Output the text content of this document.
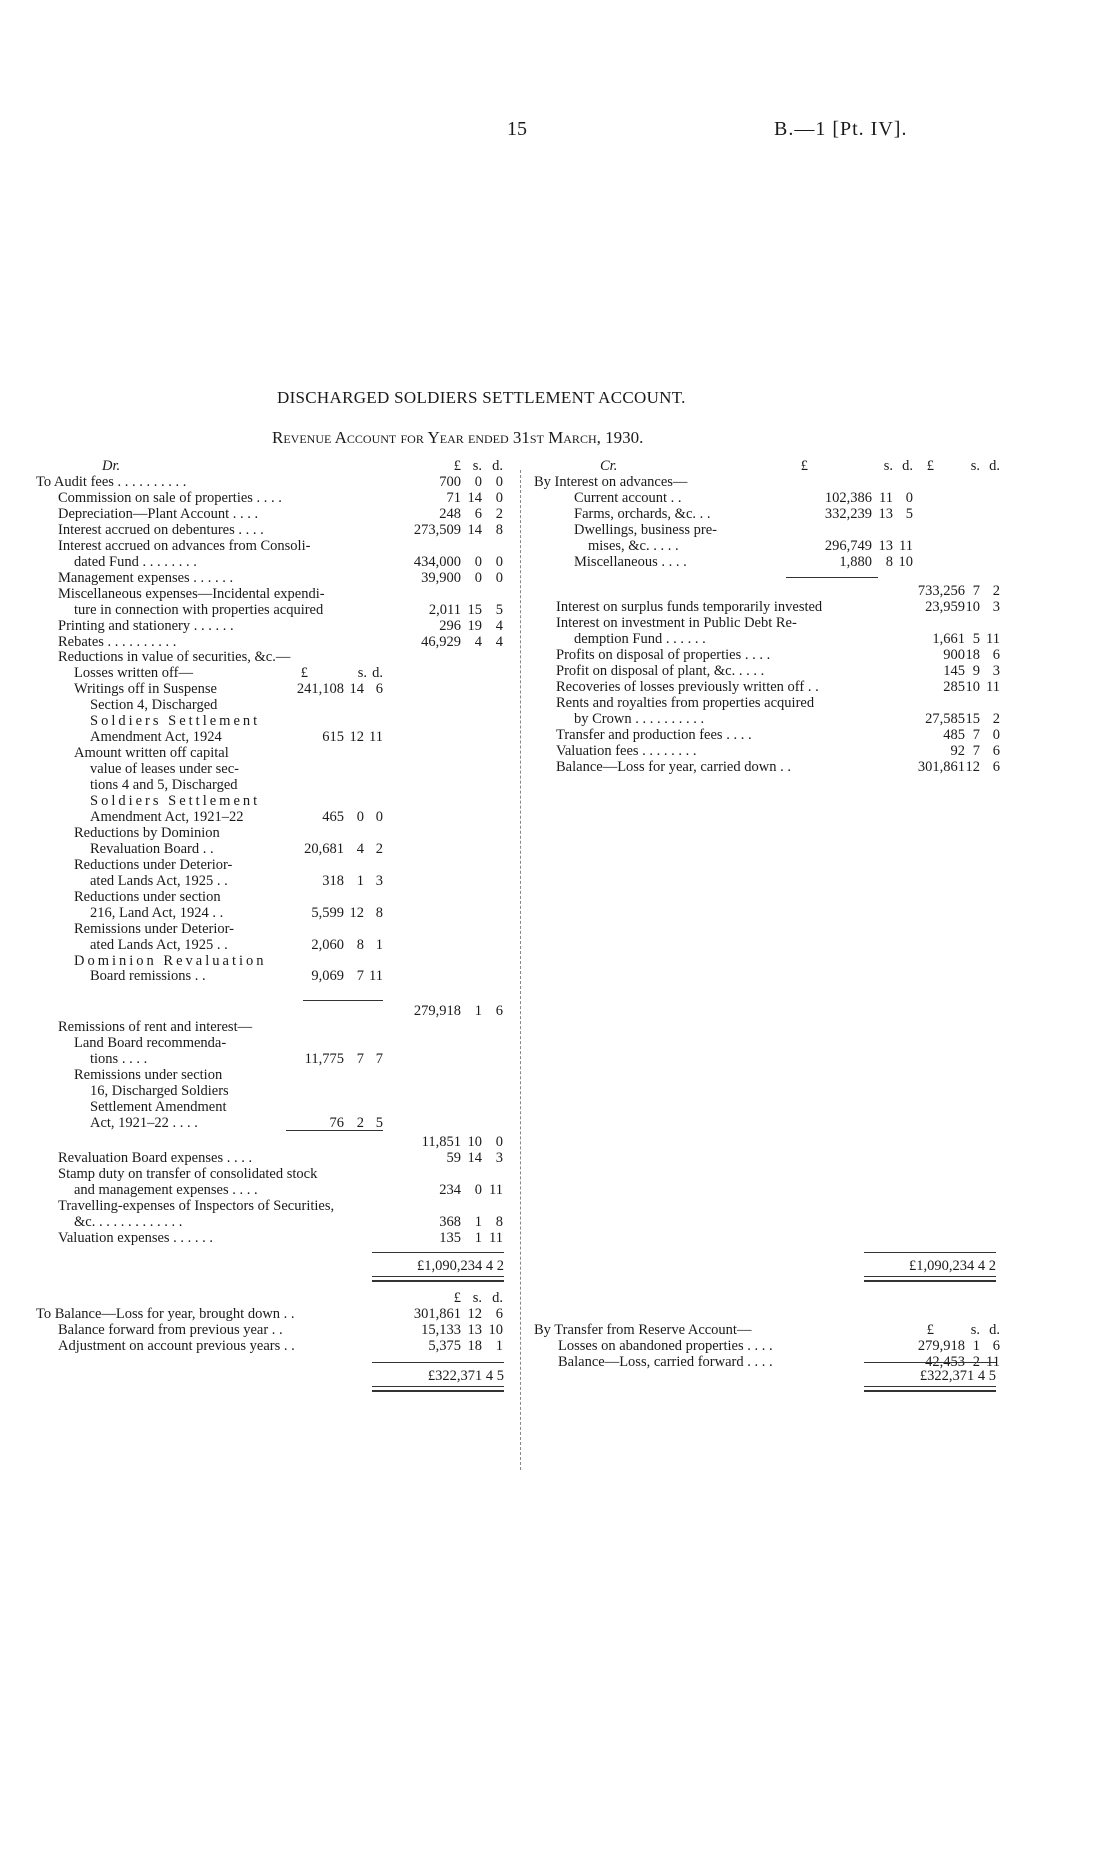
15	B.—1 [Pt. IV].
DISCHARGED SOLDIERS SETTLEMENT ACCOUNT.
Revenue Account for Year ended 31st March, 1930.
Dr.	£ s. d.
To Audit fees . . . . . . . . . .	700 0 0
Commission on sale of properties . . . .	71 14 0
Depreciation—Plant Account . . . .	248 6 2
Interest accrued on debentures . . . .	273,509 14 8
Interest accrued on advances from Consoli-
dated Fund . . . . . . . .	434,000 0 0
Management expenses . . . . . .	39,900 0 0
Miscellaneous expenses—Incidental expendi-
ture in connection with properties acquired	2,011 15 5
Printing and stationery . . . . . .	296 19 4
Rebates . . . . . . . . . .	46,929 4 4
Reductions in value of securities, &c.—
Losses written off—	£	s. d.
Writings off in Suspense	241,108 14 6
Section 4, Discharged
Soldiers Settlement
Amendment Act, 1924	615 12 11
Amount written off capital
value of leases under sec-
tions 4 and 5, Discharged
Soldiers Settlement
Amendment Act, 1921–22	465 0 0
Reductions by Dominion
Revaluation Board . .	20,681 4 2
Reductions under Deterior-
ated Lands Act, 1925 . .	318 1 3
Reductions under section
216, Land Act, 1924 . .	5,599 12 8
Remissions under Deterior-
ated Lands Act, 1925 . .	2,060 8 1
Dominion Revaluation
Board remissions . .	9,069 7 11
279,918 1 6
Remissions of rent and interest—
Land Board recommenda-
tions . . . .	11,775 7 7
Remissions under section
16, Discharged Soldiers
Settlement Amendment
Act, 1921–22 . . . .	76 2 5
11,851 10 0
Revaluation Board expenses . . . .	59 14 3
Stamp duty on transfer of consolidated stock
and management expenses . . . .	234 0 11
Travelling-expenses of Inspectors of Securities,
&c. . . . . . . . . . . . .	368 1 8
Valuation expenses . . . . . .	135 1 11
£1,090,234 4 2
£ s. d.
To Balance—Loss for year, brought down . .	301,861 12 6
Balance forward from previous year . .	15,133 13 10
Adjustment on account previous years . .	5,375 18 1
£322,371 4 5
Cr.	£	s. d. £	s. d.
By Interest on advances—
Current account . .	102,386 11 0
Farms, orchards, &c. . .	332,239 13 5
Dwellings, business pre-
mises, &c. . . . .	296,749 13 11
Miscellaneous . . . .	1,880 8 10
733,256 7 2
Interest on surplus funds temporarily invested	23,959 10 3
Interest on investment in Public Debt Re-
demption Fund . . . . . .	1,661 5 11
Profits on disposal of properties . . . .	900 18 6
Profit on disposal of plant, &c. . . . .	145 9 3
Recoveries of losses previously written off . .	285 10 11
Rents and royalties from properties acquired
by Crown . . . . . . . . . .	27,585 15 2
Transfer and production fees . . . .	485 7 0
Valuation fees . . . . . . . .	92 7 6
Balance—Loss for year, carried down . .	301,861 12 6
£1,090,234 4 2
£	s. d.
By Transfer from Reserve Account—
Losses on abandoned properties . . . .	279,918 1 6
Balance—Loss, carried forward . . . .	42,453 2 11
£322,371 4 5
